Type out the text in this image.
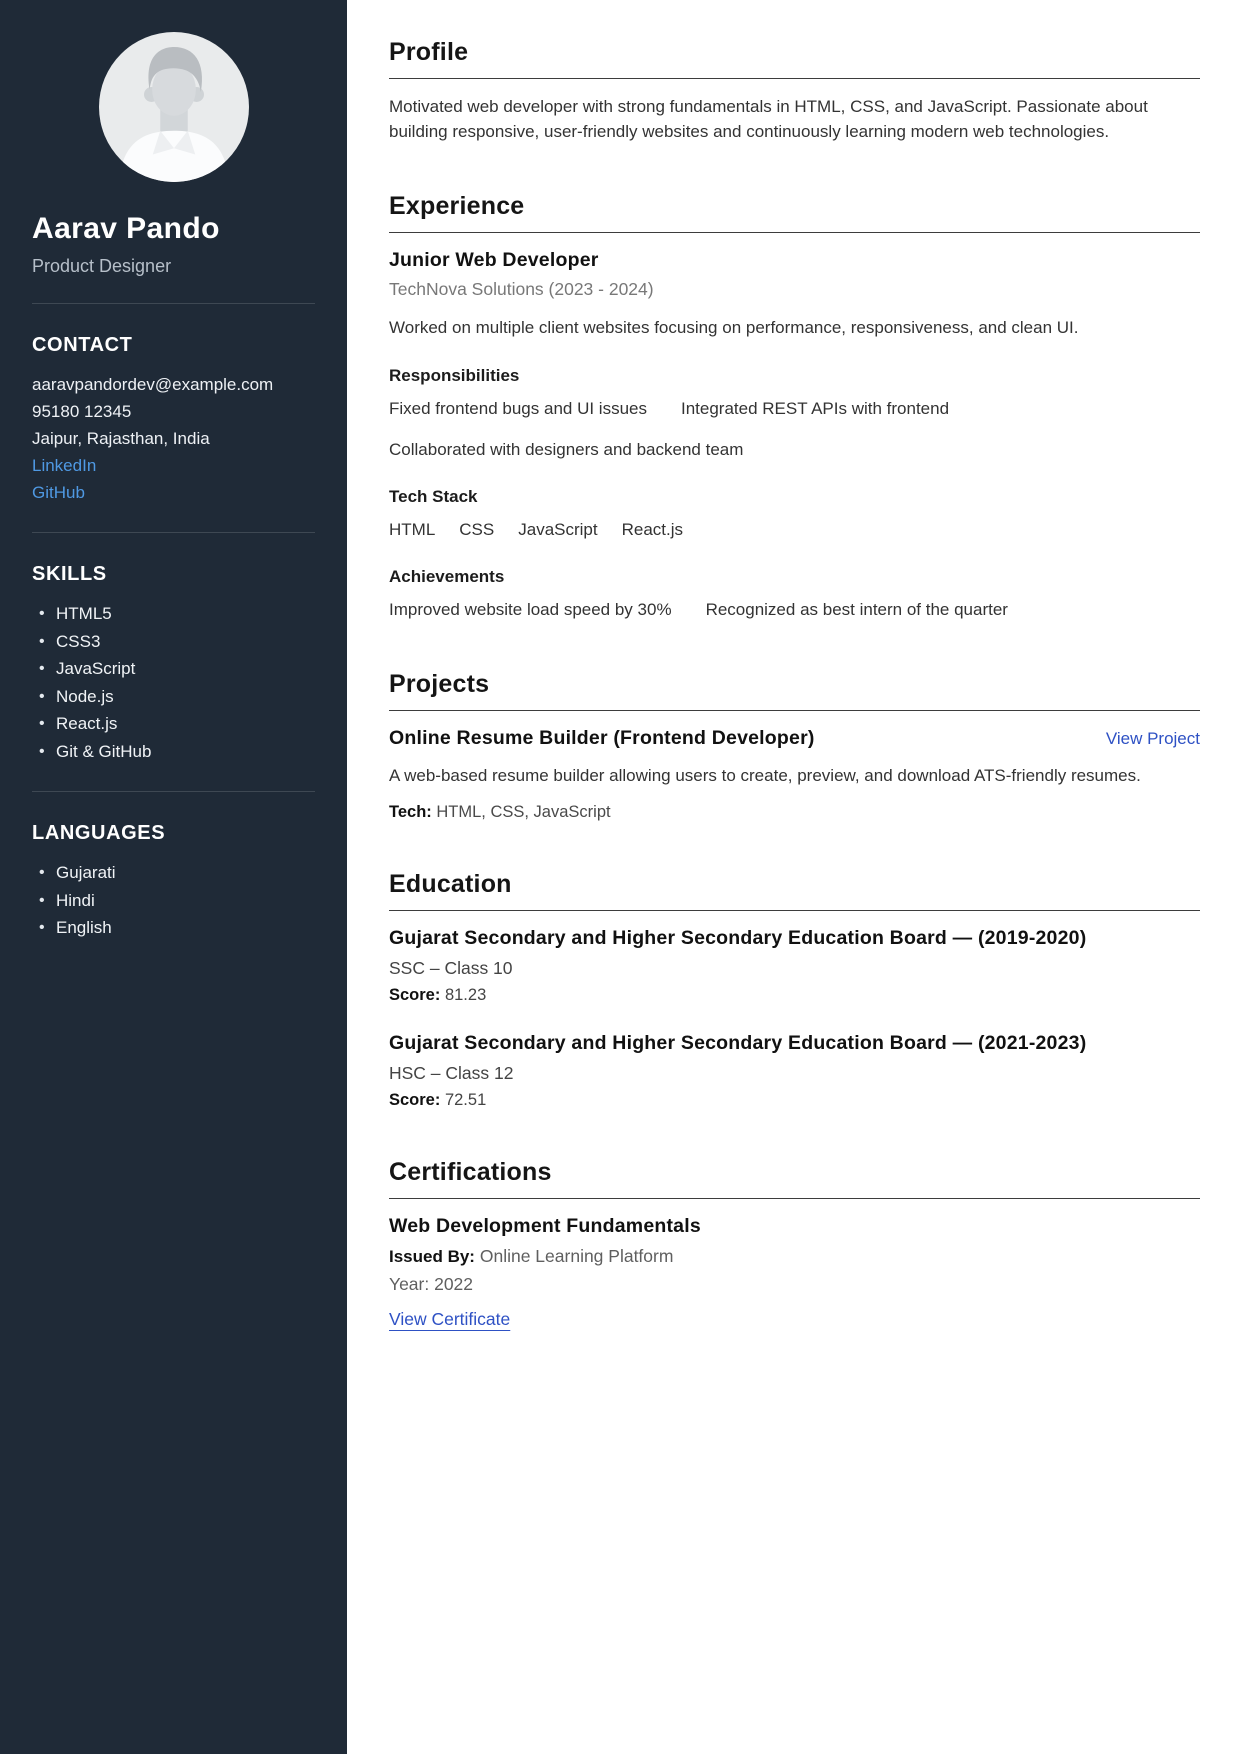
Aarav Pando
Product Designer
CONTACT
aaravpandordev@example.com
95180 12345
Jaipur, Rajasthan, India
LinkedIn
GitHub
SKILLS
• HTML5
• CSS3
• JavaScript
• Node.js
• React.js
• Git & GitHub
LANGUAGES
• Gujarati
• Hindi
• English
Profile

Motivated web developer with strong fundamentals in HTML, CSS, and JavaScript. Passionate about building responsive, user-friendly websites and continuously learning modern web technologies.

Experience
Junior Web Developer
TechNova Solutions (2023 - 2024)

Worked on multiple client websites focusing on performance, responsiveness, and clean UI.

Responsibilities
Fixed frontend bugs and UI issues Integrated REST APIs with frontend
Collaborated with designers and backend team
Tech Stack
HTML CSS JavaScript React.js
Achievements
Improved website load speed by 30% Recognized as best intern of the quarter
Projects
Online Resume Builder (Frontend Developer)	View Project

A web-based resume builder allowing users to create, preview, and download ATS-friendly resumes.

Tech: HTML, CSS, JavaScript
Education
Gujarat Secondary and Higher Secondary Education Board — (2019-2020)
SSC – Class 10
Score: 81.23
Gujarat Secondary and Higher Secondary Education Board — (2021-2023)
HSC – Class 12
Score: 72.51
Certifications
Web Development Fundamentals
Issued By: Online Learning Platform
Year: 2022
View Certificate
